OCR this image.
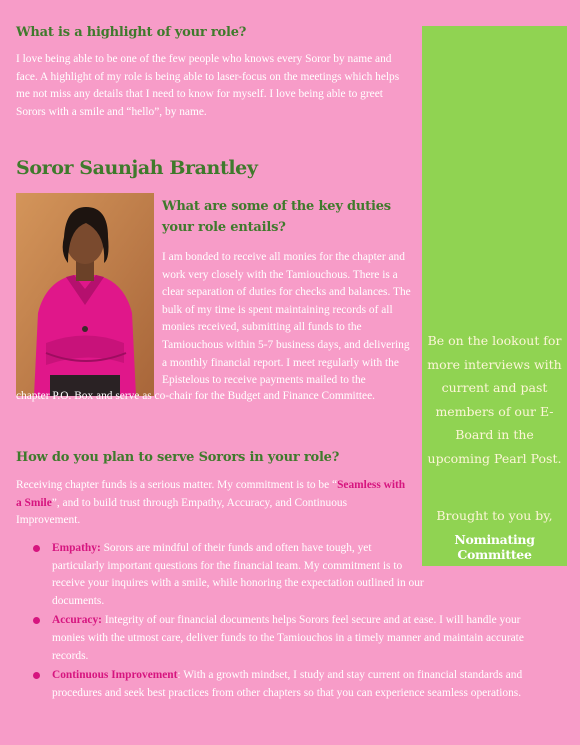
What is a highlight of your role?

I love being able to be one of the few people who knows every Soror by name and face. A highlight of my role is being able to laser-focus on the meetings which helps me not miss any details that I need to know for myself. I love being able to greet Sorors with a smile and “hello”, by name.

Soror Saunjah Brantley
What are some of the key duties your role entails?

I am bonded to receive all monies for the chapter and work very closely with the Tamiouchous. There is a clear separation of duties for checks and balances. The bulk of my time is spent maintaining records of all monies received, submitting all funds to the Tamiouchous within 5-7 business days, and delivering a monthly financial report. I meet regularly with the Epistelous to receive payments mailed to the

chapter P.O. Box and serve as co-chair for the Budget and Finance Committee.

How do you plan to serve Sorors in your role?

Receiving chapter funds is a serious matter. My commitment is to be “Seamless with a Smile”, and to build trust through Empathy, Accuracy, and Continuous Improvement.

Empathy: Sorors are mindful of their funds and often have tough, yet particularly important questions for the financial team. My commitment is to receive your inquires with a smile, while honoring the expectation outlined in our documents.
Accuracy: Integrity of our financial documents helps Sorors feel secure and at ease. I will handle your monies with the utmost care, deliver funds to the Tamiouchos in a timely manner and maintain accurate records.
Continuous Improvement: With a growth mindset, I study and stay current on financial standards and procedures and seek best practices from other chapters so that you can experience seamless operations.

Be on the lookout for more interviews with current and past members of our E-Board in the upcoming Pearl Post.

Brought to you by,

Nominating Committee
